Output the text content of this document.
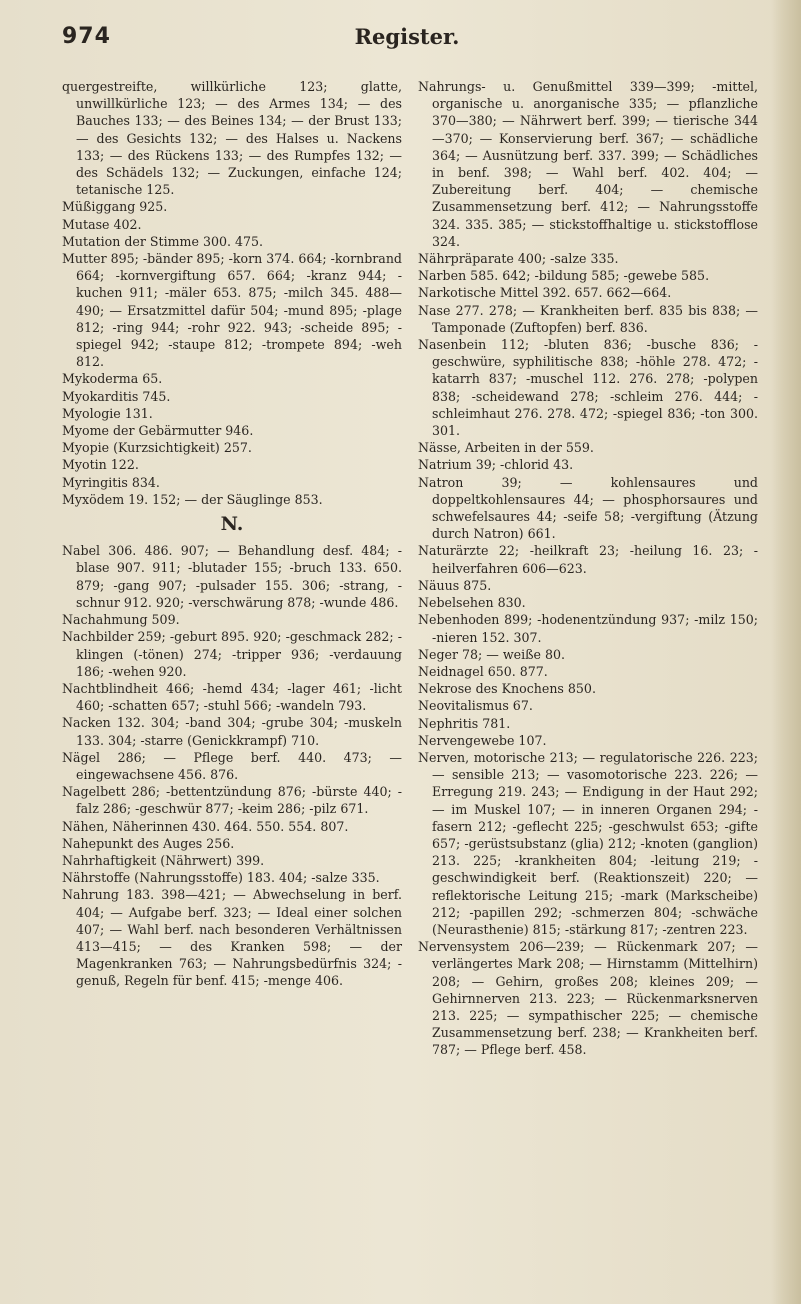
974	Register.

quergestreifte, willkürliche 123; glatte, unwillkürliche 123; — des Armes 134; — des Bauches 133; — des Beines 134; — der Brust 133; — des Gesichts 132; — des Halses u. Nackens 133; — des Rückens 133; — des Rumpfes 132; — des Schädels 132; — Zuckungen, einfache 124; tetanische 125.

Müßiggang 925.

Mutase 402.

Mutation der Stimme 300. 475.

Mutter 895; -bänder 895; -korn 374. 664; -kornbrand 664; -kornvergiftung 657. 664; -kranz 944; -kuchen 911; -mäler 653. 875; -milch 345. 488—490; — Ersatzmittel dafür 504; -mund 895; -plage 812; -ring 944; -rohr 922. 943; -scheide 895; -spiegel 942; -staupe 812; -trompete 894; -weh 812.

Mykoderma 65.

Myokarditis 745.

Myologie 131.

Myome der Gebärmutter 946.

Myopie (Kurzsichtigkeit) 257.

Myotin 122.

Myringitis 834.

Myxödem 19. 152; — der Säuglinge 853.

N.

Nabel 306. 486. 907; — Behandlung desf. 484; -blase 907. 911; -blutader 155; -bruch 133. 650. 879; -gang 907; -pulsader 155. 306; -strang, -schnur 912. 920; -verschwärung 878; -wunde 486.

Nachahmung 509.

Nachbilder 259; -geburt 895. 920; -geschmack 282; -klingen (-tönen) 274; -tripper 936; -verdauung 186; -wehen 920.

Nachtblindheit 466; -hemd 434; -lager 461; -licht 460; -schatten 657; -stuhl 566; -wandeln 793.

Nacken 132. 304; -band 304; -grube 304; -muskeln 133. 304; -starre (Genickkrampf) 710.

Nägel 286; — Pflege berf. 440. 473; — eingewachsene 456. 876.

Nagelbett 286; -bettentzündung 876; -bürste 440; -falz 286; -geschwür 877; -keim 286; -pilz 671.

Nähen, Näherinnen 430. 464. 550. 554. 807.

Nahepunkt des Auges 256.

Nahrhaftigkeit (Nährwert) 399.

Nährstoffe (Nahrungsstoffe) 183. 404; -salze 335.

Nahrung 183. 398—421; — Abwechselung in berf. 404; — Aufgabe berf. 323; — Ideal einer solchen 407; — Wahl berf. nach besonderen Verhältnissen 413—415; — des Kranken 598; — der Magenkranken 763; — Nahrungsbedürfnis 324; -genuß, Regeln für benf. 415; -menge 406.

Nahrungs- u. Genußmittel 339—399; -mittel, organische u. anorganische 335; — pflanzliche 370—380; — Nährwert berf. 399; — tierische 344—370; — Konservierung berf. 367; — schädliche 364; — Ausnützung berf. 337. 399; — Schädliches in benf. 398; — Wahl berf. 402. 404; — Zubereitung berf. 404; — chemische Zusammensetzung berf. 412; — Nahrungsstoffe 324. 335. 385; — stickstoffhaltige u. stickstofflose 324.

Nährpräparate 400; -salze 335.

Narben 585. 642; -bildung 585; -gewebe 585.

Narkotische Mittel 392. 657. 662—664.

Nase 277. 278; — Krankheiten berf. 835 bis 838; — Tamponade (Zuftopfen) berf. 836.

Nasenbein 112; -bluten 836; -busche 836; -geschwüre, syphilitische 838; -höhle 278. 472; -katarrh 837; -muschel 112. 276. 278; -polypen 838; -scheidewand 278; -schleim 276. 444; -schleimhaut 276. 278. 472; -spiegel 836; -ton 300. 301.

Nässe, Arbeiten in der 559.

Natrium 39; -chlorid 43.

Natron 39; — kohlensaures und doppeltkohlensaures 44; — phosphorsaures und schwefelsaures 44; -seife 58; -vergiftung (Ätzung durch Natron) 661.

Naturärzte 22; -heilkraft 23; -heilung 16. 23; -heilverfahren 606—623.

Näuus 875.

Nebelsehen 830.

Nebenhoden 899; -hodenentzündung 937; -milz 150; -nieren 152. 307.

Neger 78; — weiße 80.

Neidnagel 650. 877.

Nekrose des Knochens 850.

Neovitalismus 67.

Nephritis 781.

Nervengewebe 107.

Nerven, motorische 213; — regulatorische 226. 223; — sensible 213; — vasomotorische 223. 226; — Erregung 219. 243; — Endigung in der Haut 292; — im Muskel 107; — in inneren Organen 294; -fasern 212; -geflecht 225; -geschwulst 653; -gifte 657; -gerüstsubstanz (glia) 212; -knoten (ganglion) 213. 225; -krankheiten 804; -leitung 219; -geschwindigkeit berf. (Reaktionszeit) 220; — reflektorische Leitung 215; -mark (Markscheibe) 212; -papillen 292; -schmerzen 804; -schwäche (Neurasthenie) 815; -stärkung 817; -zentren 223.

Nervensystem 206—239; — Rückenmark 207; — verlängertes Mark 208; — Hirnstamm (Mittelhirn) 208; — Gehirn, großes 208; kleines 209; — Gehirnnerven 213. 223; — Rückenmarksnerven 213. 225; — sympathischer 225; — chemische Zusammensetzung berf. 238; — Krankheiten berf. 787; — Pflege berf. 458.
